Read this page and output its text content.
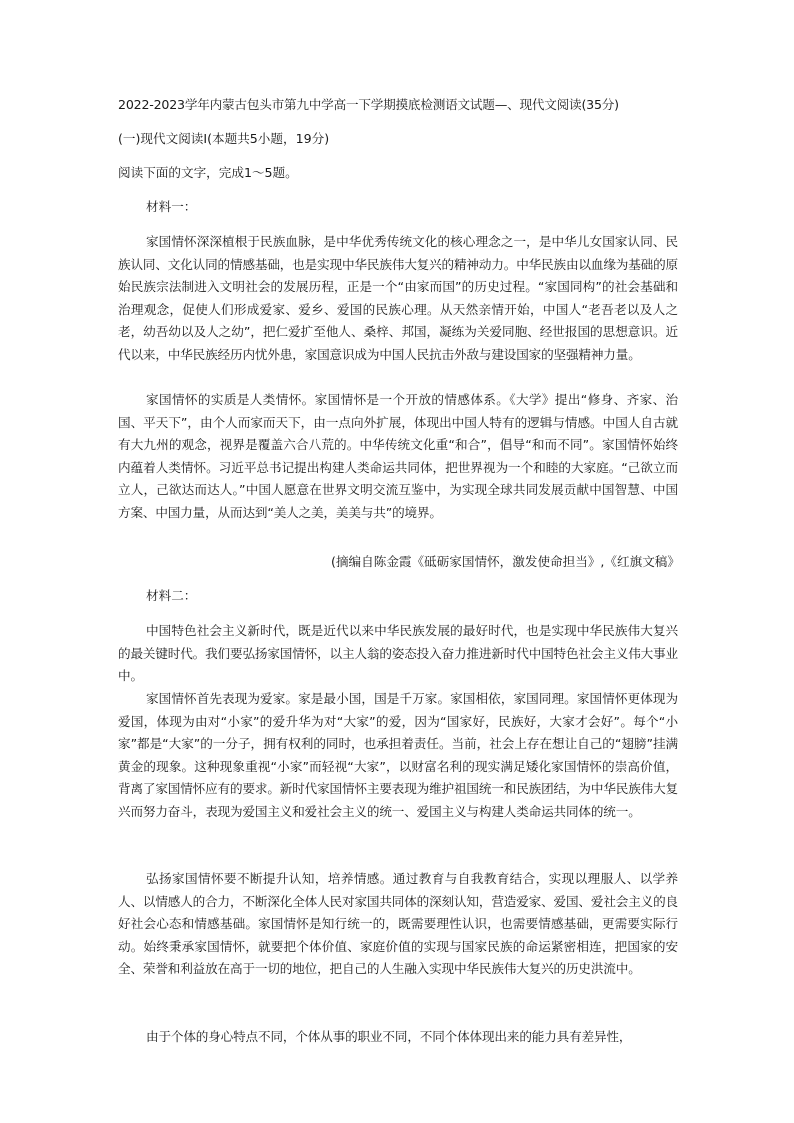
2022-2023学年内蒙古包头市第九中学高一下学期摸底检测语文试题—、现代文阅读(35分)
(一)现代文阅读Ⅰ(本题共5小题，19分)
阅读下面的文字，完成1～5题。
材料一：

家国情怀深深植根于民族血脉，是中华优秀传统文化的核心理念之一，是中华儿女国家认同、民族认同、文化认同的情感基础，也是实现中华民族伟大复兴的精神动力。中华民族由以血缘为基础的原始民族宗法制进入文明社会的发展历程，正是一个“由家而国”的历史过程。“家国同构”的社会基础和治理观念，促使人们形成爱家、爱乡、爱国的民族心理。从天然亲情开始，中国人“老吾老以及人之老，幼吾幼以及人之幼”，把仁爱扩至他人、桑梓、邦国，凝练为关爱同胞、经世报国的思想意识。近代以来，中华民族经历内忧外患，家国意识成为中国人民抗击外敌与建设国家的坚强精神力量。

家国情怀的实质是人类情怀。家国情怀是一个开放的情感体系。《大学》提出“修身、齐家、治国、平天下”，由个人而家而天下，由一点向外扩展，体现出中国人特有的逻辑与情感。中国人自古就有大九州的观念，视界是覆盖六合八荒的。中华传统文化重“和合”，倡导“和而不同”。家国情怀始终内蕴着人类情怀。习近平总书记提出构建人类命运共同体，把世界视为一个和睦的大家庭。“己欲立而立人，己欲达而达人。”中国人愿意在世界文明交流互鉴中，为实现全球共同发展贡献中国智慧、中国方案、中国力量，从而达到“美人之美，美美与共”的境界。

(摘编自陈金霞《砥砺家国情怀，激发使命担当》,《红旗文稿》
材料二：

中国特色社会主义新时代，既是近代以来中华民族发展的最好时代，也是实现中华民族伟大复兴的最关键时代。我们要弘扬家国情怀，以主人翁的姿态投入奋力推进新时代中国特色社会主义伟大事业中。

家国情怀首先表现为爱家。家是最小国，国是千万家。家国相依，家国同理。家国情怀更体现为爱国，体现为由对“小家”的爱升华为对“大家”的爱，因为“国家好，民族好，大家才会好”。每个“小家”都是“大家”的一分子，拥有权利的同时，也承担着责任。当前，社会上存在想让自己的“翅膀”挂满黄金的现象。这种现象重视“小家”而轻视“大家”，以财富名利的现实满足矮化家国情怀的崇高价值，背离了家国情怀应有的要求。新时代家国情怀主要表现为维护祖国统一和民族团结，为中华民族伟大复兴而努力奋斗，表现为爱国主义和爱社会主义的统一、爱国主义与构建人类命运共同体的统一。

弘扬家国情怀要不断提升认知，培养情感。通过教育与自我教育结合，实现以理服人、以学养人、以情感人的合力，不断深化全体人民对家国共同体的深刻认知，营造爱家、爱国、爱社会主义的良好社会心态和情感基础。家国情怀是知行统一的，既需要理性认识，也需要情感基础，更需要实际行动。始终秉承家国情怀，就要把个体价值、家庭价值的实现与国家民族的命运紧密相连，把国家的安全、荣誉和利益放在高于一切的地位，把自己的人生融入实现中华民族伟大复兴的历史洪流中。

由于个体的身心特点不同，个体从事的职业不同，不同个体体现出来的能力具有差异性，
